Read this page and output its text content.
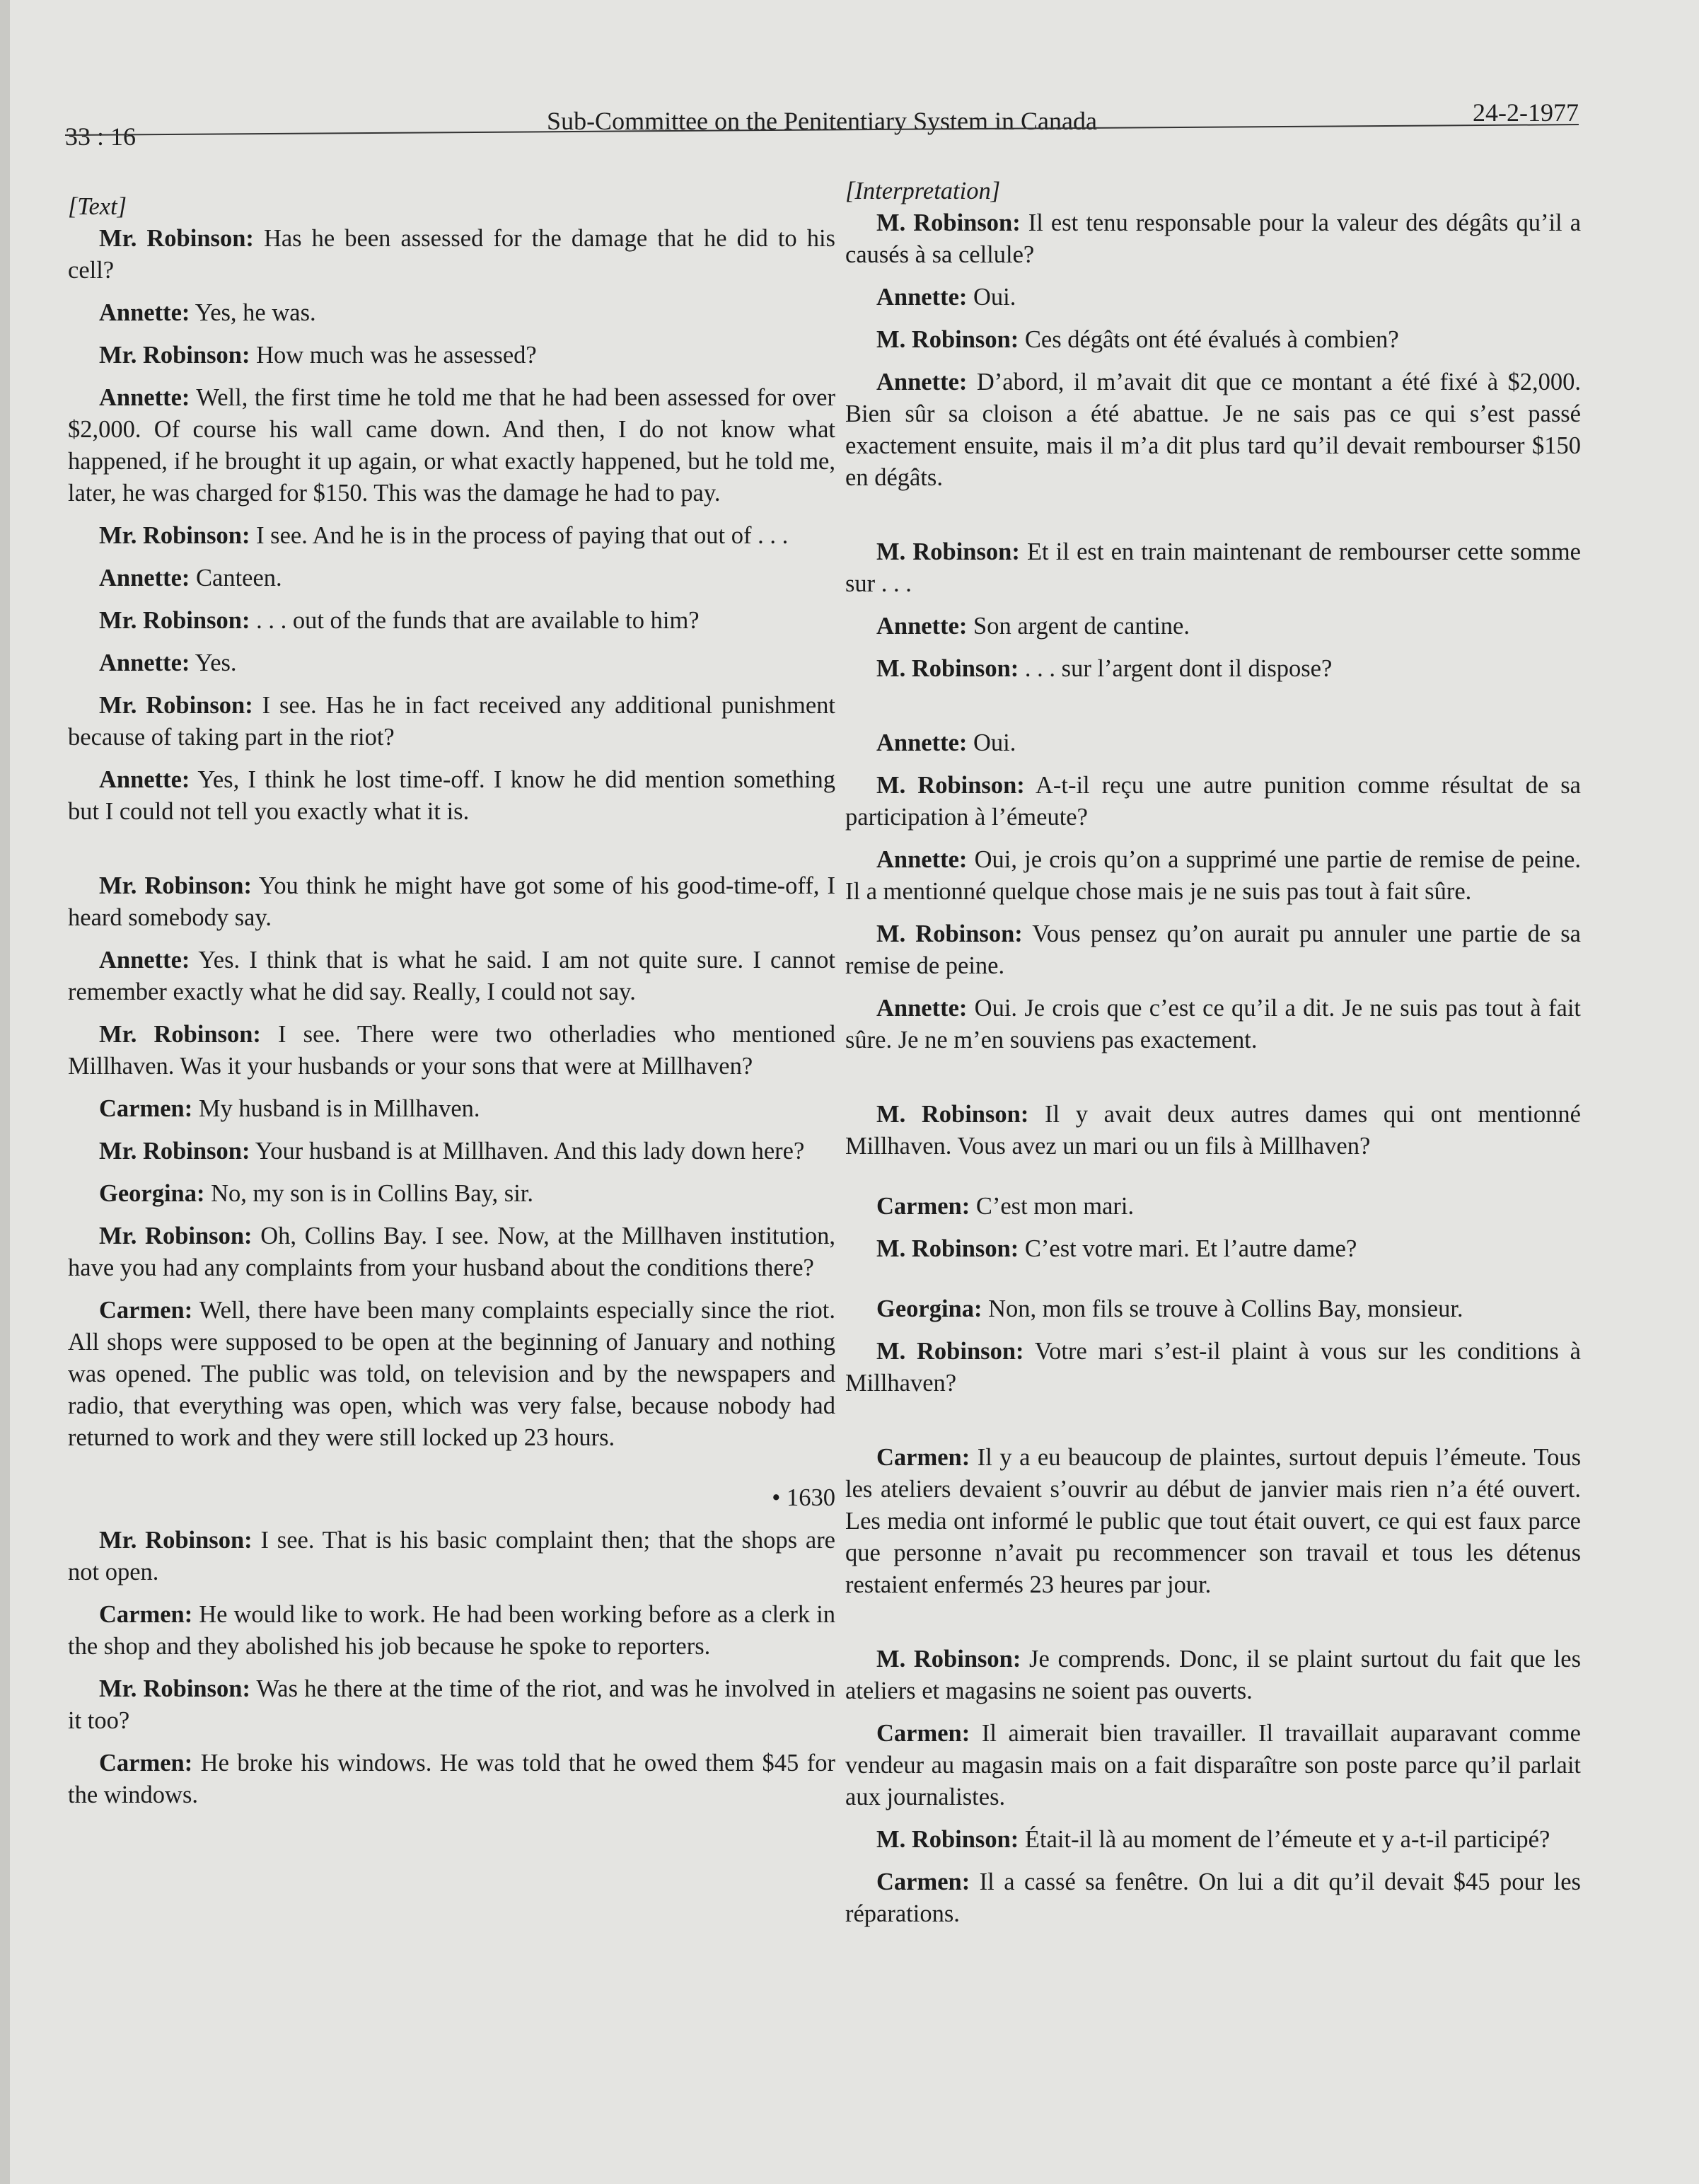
33 : 16
Sub-Committee on the Penitentiary System in Canada	24-2-1977

[Text]

Mr. Robinson: Has he been assessed for the damage that he did to his cell?

Annette: Yes, he was.

Mr. Robinson: How much was he assessed?

Annette: Well, the first time he told me that he had been assessed for over $2,000. Of course his wall came down. And then, I do not know what happened, if he brought it up again, or what exactly happened, but he told me, later, he was charged for $150. This was the damage he had to pay.

Mr. Robinson: I see. And he is in the process of paying that out of . . .

Annette: Canteen.

Mr. Robinson: . . . out of the funds that are available to him?

Annette: Yes.

Mr. Robinson: I see. Has he in fact received any additional punishment because of taking part in the riot?

Annette: Yes, I think he lost time-off. I know he did mention something but I could not tell you exactly what it is.

Mr. Robinson: You think he might have got some of his good-time-off, I heard somebody say.

Annette: Yes. I think that is what he said. I am not quite sure. I cannot remember exactly what he did say. Really, I could not say.

Mr. Robinson: I see. There were two otherladies who mentioned Millhaven. Was it your husbands or your sons that were at Millhaven?

Carmen: My husband is in Millhaven.

Mr. Robinson: Your husband is at Millhaven. And this lady down here?

Georgina: No, my son is in Collins Bay, sir.

Mr. Robinson: Oh, Collins Bay. I see. Now, at the Millhaven institution, have you had any complaints from your husband about the conditions there?

Carmen: Well, there have been many complaints especially since the riot. All shops were supposed to be open at the beginning of January and nothing was opened. The public was told, on television and by the newspapers and radio, that everything was open, which was very false, because nobody had returned to work and they were still locked up 23 hours.

• 1630

Mr. Robinson: I see. That is his basic complaint then; that the shops are not open.

Carmen: He would like to work. He had been working before as a clerk in the shop and they abolished his job because he spoke to reporters.

Mr. Robinson: Was he there at the time of the riot, and was he involved in it too?

Carmen: He broke his windows. He was told that he owed them $45 for the windows.

[Interpretation]

M. Robinson: Il est tenu responsable pour la valeur des dégâts qu’il a causés à sa cellule?

Annette: Oui.

M. Robinson: Ces dégâts ont été évalués à combien?

Annette: D’abord, il m’avait dit que ce montant a été fixé à $2,000. Bien sûr sa cloison a été abattue. Je ne sais pas ce qui s’est passé exactement ensuite, mais il m’a dit plus tard qu’il devait rembourser $150 en dégâts.

M. Robinson: Et il est en train maintenant de rembourser cette somme sur . . .

Annette: Son argent de cantine.

M. Robinson: . . . sur l’argent dont il dispose?

Annette: Oui.

M. Robinson: A-t-il reçu une autre punition comme résultat de sa participation à l’émeute?

Annette: Oui, je crois qu’on a supprimé une partie de remise de peine. Il a mentionné quelque chose mais je ne suis pas tout à fait sûre.

M. Robinson: Vous pensez qu’on aurait pu annuler une partie de sa remise de peine.

Annette: Oui. Je crois que c’est ce qu’il a dit. Je ne suis pas tout à fait sûre. Je ne m’en souviens pas exactement.

M. Robinson: Il y avait deux autres dames qui ont mentionné Millhaven. Vous avez un mari ou un fils à Millhaven?

Carmen: C’est mon mari.

M. Robinson: C’est votre mari. Et l’autre dame?

Georgina: Non, mon fils se trouve à Collins Bay, monsieur.

M. Robinson: Votre mari s’est-il plaint à vous sur les conditions à Millhaven?

Carmen: Il y a eu beaucoup de plaintes, surtout depuis l’émeute. Tous les ateliers devaient s’ouvrir au début de janvier mais rien n’a été ouvert. Les media ont informé le public que tout était ouvert, ce qui est faux parce que personne n’avait pu recommencer son travail et tous les détenus restaient enfermés 23 heures par jour.

M. Robinson: Je comprends. Donc, il se plaint surtout du fait que les ateliers et magasins ne soient pas ouverts.

Carmen: Il aimerait bien travailler. Il travaillait auparavant comme vendeur au magasin mais on a fait disparaître son poste parce qu’il parlait aux journalistes.

M. Robinson: Était-il là au moment de l’émeute et y a-t-il participé?

Carmen: Il a cassé sa fenêtre. On lui a dit qu’il devait $45 pour les réparations.
